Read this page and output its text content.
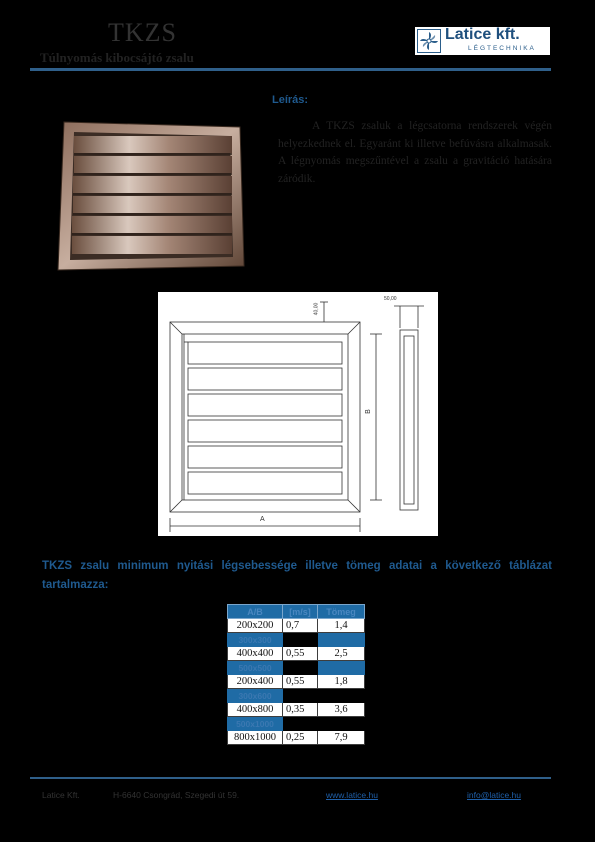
TKZS
Túlnyomás kibocsájtó zsalu
Latice kft.
LÉGTECHNIKA
Leírás:
A TKZS zsaluk a légcsatorna rendszerek végén helyezkednek el. Egyaránt ki illetve befúvásra alkalmasak. A légnyomás megszűntével a zsalu a gravitáció hatására záródik.
40,00
50,00
A
B
TKZS zsalu minimum nyitási légsebessége illetve tömeg adatai a következő táblázat tartalmazza:
A/B	[m/s]	Tömeg
200x200	0,7	1,4
300x300		
400x400	0,55	2,5
500x500		
200x400	0,55	1,8
300x600		
400x800	0,35	3,6
500x1000		
800x1000	0,25	7,9
Latice Kft.	H-6640 Csongrád, Szegedi út 59.	www.latice.hu	info@latice.hu
